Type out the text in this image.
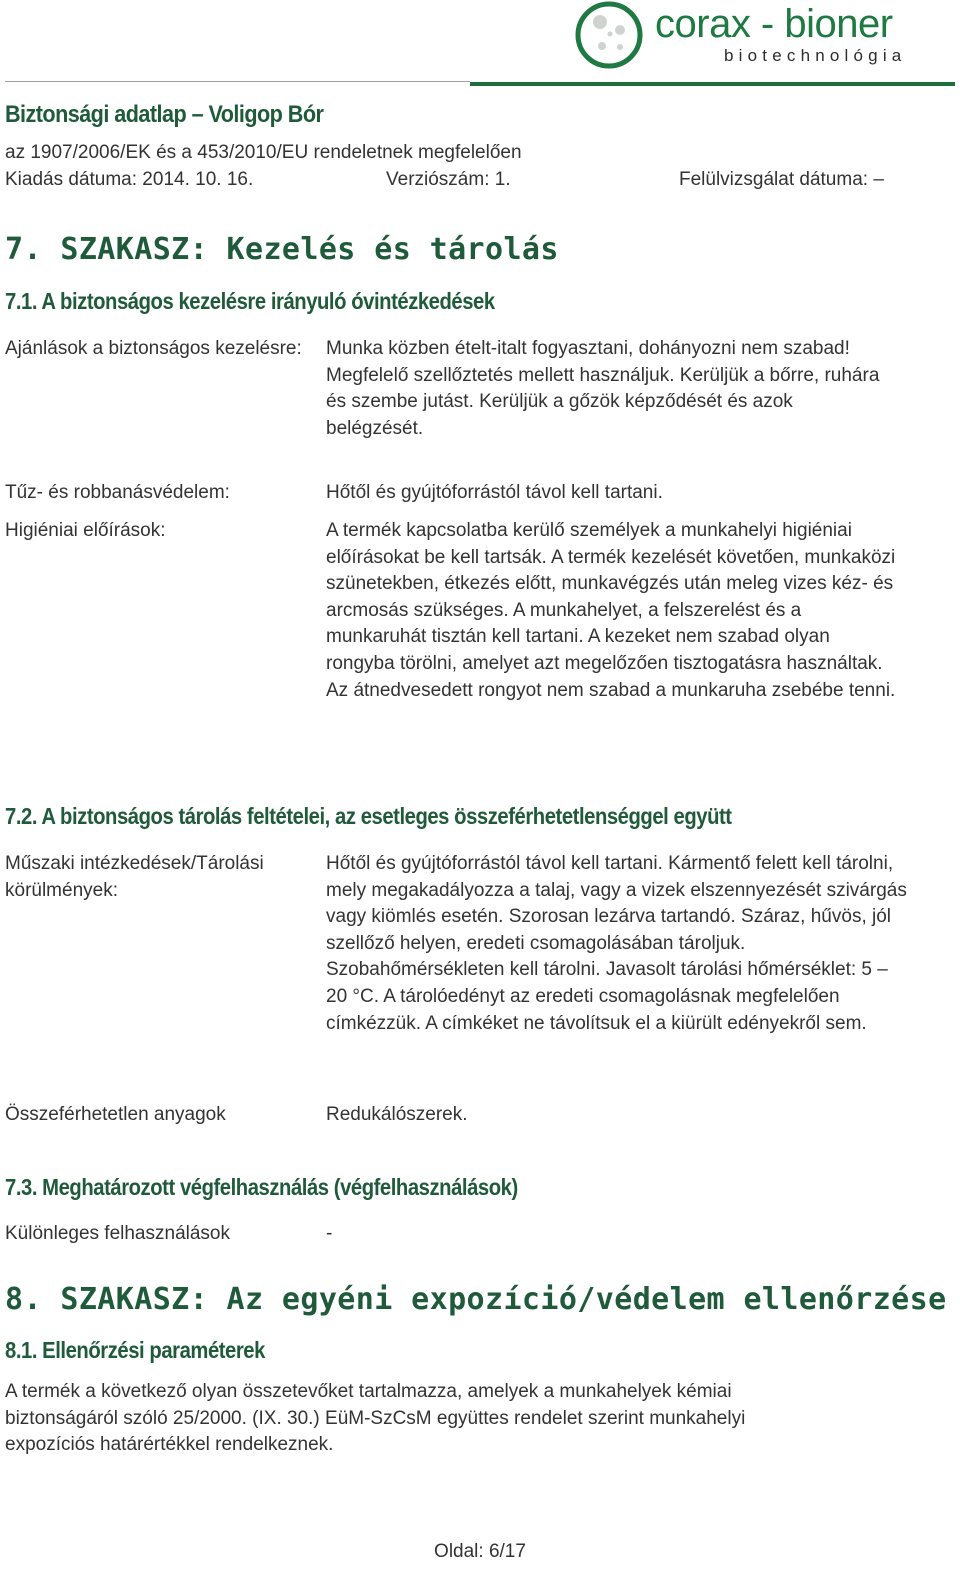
corax - bioner
biotechnológia
Biztonsági adatlap – Voligop Bór
az 1907/2006/EK és a 453/2010/EU rendeletnek megfelelően
Kiadás dátuma: 2014. 10. 16.	Verziószám: 1.	Felülvizsgálat dátuma: –
7. SZAKASZ: Kezelés és tárolás
7.1. A biztonságos kezelésre irányuló óvintézkedések
Ajánlások a biztonságos kezelésre:	Munka közben ételt-italt fogyasztani, dohányozni nem szabad! Megfelelő szellőztetés mellett használjuk. Kerüljük a bőrre, ruhára és szembe jutást. Kerüljük a gőzök képződését és azok belégzését.
Tűz- és robbanásvédelem:	Hőtől és gyújtóforrástól távol kell tartani.
Higiéniai előírások:	A termék kapcsolatba kerülő személyek a munkahelyi higiéniai előírásokat be kell tartsák. A termék kezelését követően, munkaközi szünetekben, étkezés előtt, munkavégzés után meleg vizes kéz- és arcmosás szükséges. A munkahelyet, a felszerelést és a munkaruhát tisztán kell tartani. A kezeket nem szabad olyan rongyba törölni, amelyet azt megelőzően tisztogatásra használtak. Az átnedvesedett rongyot nem szabad a munkaruha zsebébe tenni.
7.2. A biztonságos tárolás feltételei, az esetleges összeférhetetlenséggel együtt
Műszaki intézkedések/Tárolási körülmények:
Hőtől és gyújtóforrástól távol kell tartani. Kármentő felett kell tárolni, mely megakadályozza a talaj, vagy a vizek elszennyezését szivárgás vagy kiömlés esetén. Szorosan lezárva tartandó. Száraz, hűvös, jól szellőző helyen, eredeti csomagolásában tároljuk. Szobahőmérsékleten kell tárolni. Javasolt tárolási hőmérséklet: 5 – 20 °C. A tárolóedényt az eredeti csomagolásnak megfelelően címkézzük. A címkéket ne távolítsuk el a kiürült edényekről sem.
Összeférhetetlen anyagok	Redukálószerek.
7.3. Meghatározott végfelhasználás (végfelhasználások)
Különleges felhasználások	-
8. SZAKASZ: Az egyéni expozíció/védelem ellenőrzése
8.1. Ellenőrzési paraméterek
A termék a következő olyan összetevőket tartalmazza, amelyek a munkahelyek kémiai biztonságáról szóló 25/2000. (IX. 30.) EüM-SzCsM együttes rendelet szerint munkahelyi expozíciós határértékkel rendelkeznek.
Oldal: 6/17
